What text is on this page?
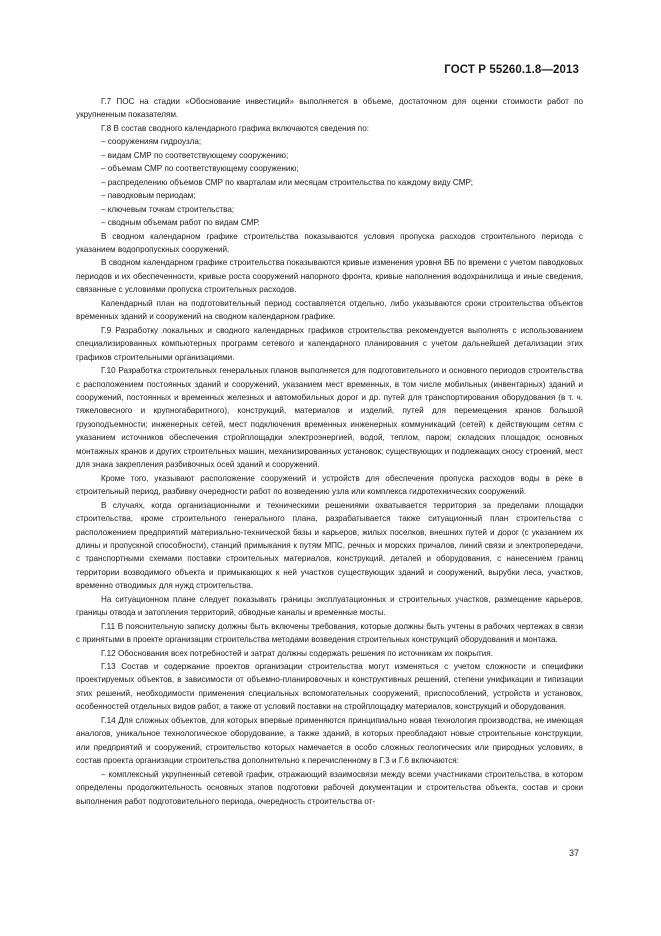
ГОСТ Р 55260.1.8—2013

Г.7 ПОС на стадии «Обоснование инвестиций» выполняется в объеме, достаточном для оценки стоимости работ по укрупненным показателям.

Г.8 В состав сводного календарного графика включаются сведения по:

– сооружениям гидроузла;

– видам СМР по соответствующему сооружению;

– объемам СМР по соответствующему сооружению;

– распределению объемов СМР по кварталам или месяцам строительства по каждому виду СМР;

– паводковым периодам;

– ключевым точкам строительства;

– сводным объемам работ по видам СМР.

В сводном календарном графике строительства показываются условия пропуска расходов строительного периода с указанием водопропускных сооружений.

В сводном календарном графике строительства показываются кривые изменения уровня ВБ по времени с учетом паводковых периодов и их обеспеченности, кривые роста сооружений напорного фронта, кривые наполнения водохранилища и иные сведения, связанные с условиями пропуска строительных расходов.

Календарный план на подготовительный период составляется отдельно, либо указываются сроки строительства объектов временных зданий и сооружений на сводном календарном графике.

Г.9 Разработку локальных и сводного календарных графиков строительства рекомендуется выполнять с использованием специализированных компьютерных программ сетевого и календарного планирования с учетом дальнейшей детализации этих графиков строительными организациями.

Г.10 Разработка строительных генеральных планов выполняется для подготовительного и основного периодов строительства с расположением постоянных зданий и сооружений, указанием мест временных, в том числе мобильных (инвентарных) зданий и сооружений, постоянных и временных железных и автомобильных дорог и др. путей для транспортирования оборудования (в т. ч. тяжеловесного и крупногабаритного), конструкций, материалов и изделий, путей для перемещения кранов большой грузоподъемности; инженерных сетей, мест подключения временных инженерных коммуникаций (сетей) к действующим сетям с указанием источников обеспечения стройплощадки электроэнергией, водой, теплом, паром; складских площадок; основных монтажных кранов и других строительных машин, механизированных установок; существующих и подлежащих сносу строений, мест для знака закрепления разбивочных осей зданий и сооружений.

Кроме того, указывают расположение сооружений и устройств для обеспечения пропуска расходов воды в реке в строительный период, разбивку очередности работ по возведению узла или комплекса гидротехнических сооружений.

В случаях, когда организационными и техническими решениями охватывается территория за пределами площадки строительства, кроме строительного генерального плана, разрабатывается также ситуационный план строительства с расположением предприятий материально-технической базы и карьеров, жилых поселков, внешних путей и дорог (с указанием их длины и пропускной способности), станций примыкания к путям МПС, речных и морских причалов, линий связи и электропередачи, с транспортными схемами поставки строительных материалов, конструкций, деталей и оборудования, с нанесением границ территории возводимого объекта и примыкающих к ней участков существующих зданий и сооружений, вырубки леса, участков, временно отводимых для нужд строительства.

На ситуационном плане следует показывать границы эксплуатационных и строительных участков, размещение карьеров, границы отвода и затопления территорий, обводные каналы и временные мосты.

Г.11 В пояснительную записку должны быть включены требования, которые должны быть учтены в рабочих чертежах в связи с принятыми в проекте организации строительства методами возведения строительных конструкций оборудования и монтажа.

Г.12 Обоснования всех потребностей и затрат должны содержать решения по источникам их покрытия.

Г.13 Состав и содержание проектов организации строительства могут изменяться с учетом сложности и специфики проектируемых объектов, в зависимости от объемно-планировочных и конструктивных решений, степени унификации и типизации этих решений, необходимости применения специальных вспомогательных сооружений, приспособлений, устройств и установок, особенностей отдельных видов работ, а также от условий поставки на стройплощадку материалов, конструкций и оборудования.

Г.14 Для сложных объектов, для которых впервые применяются принципиально новая технология производства, не имеющая аналогов, уникальное технологическое оборудование, а также зданий, в которых преобладают новые строительные конструкции, или предприятий и сооружений, строительство которых намечается в особо сложных геологических или природных условиях, в состав проекта организации строительства дополнительно к перечисленному в Г.3 и Г.6 включаются:

– комплексный укрупненный сетевой график, отражающий взаимосвязи между всеми участниками строительства, в котором определены продолжительность основных этапов подготовки рабочей документации и строительства объекта, состав и сроки выполнения работ подготовительного периода, очередность строительства от-

37
